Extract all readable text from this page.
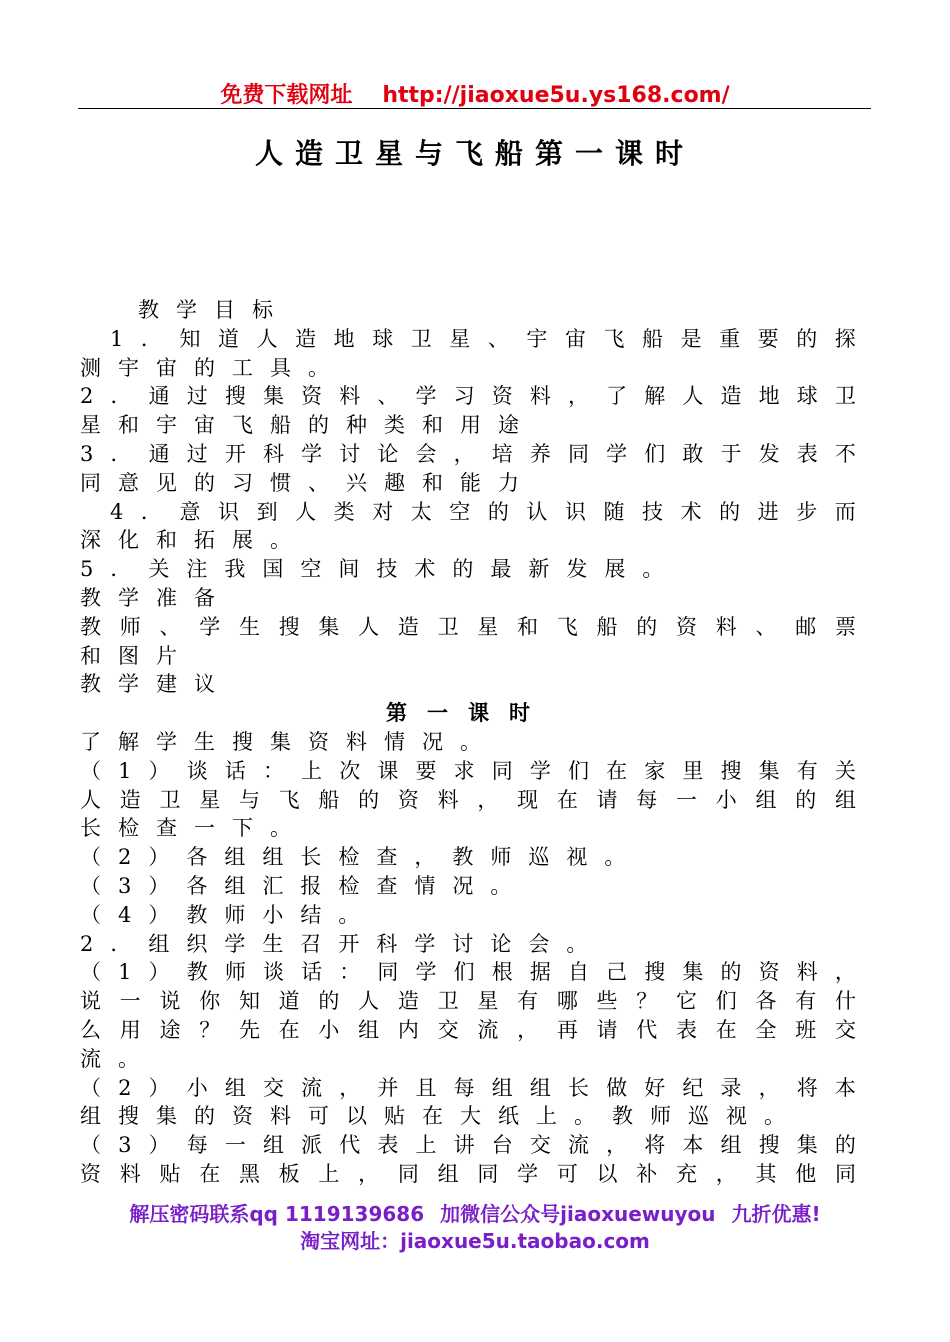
免费下载网址 http://jiaoxue5u.ys168.com/
人造卫星与飞船第一课时
教学目标
1 ． 知 道 人 造 地 球 卫 星 、 宇 宙 飞 船 是 重 要 的 探
测宇宙的工具。
2 ． 通 过 搜 集 资 料 、 学 习 资 料 ， 了 解 人 造 地 球 卫
星和宇宙飞船的种类和用途
3 ． 通 过 开 科 学 讨 论 会 ， 培 养 同 学 们 敢 于 发 表 不
同意见的习惯、兴趣和能力
4 ． 意 识 到 人 类 对 太 空 的 认 识 随 技 术 的 进 步 而
深化和拓展。
5．关注我国空间技术的最新发展。
教学准备
教 师 、 学 生 搜 集 人 造 卫 星 和 飞 船 的 资 料 、 邮 票
和图片
教学建议
第一课时
了解学生搜集资料情况。
（ 1 ） 谈 话 ： 上 次 课 要 求 同 学 们 在 家 里 搜 集 有 关
人 造 卫 星 与 飞 船 的 资 料 ， 现 在 请 每 一 小 组 的 组
长检查一下。
（2）各组组长检查，教师巡视。
（3）各组汇报检查情况。
（4）教师小结。
2．组织学生召开科学讨论会。
（ 1 ） 教 师 谈 话 ： 同 学 们 根 据 自 己 搜 集 的 资 料 ，
说 一 说 你 知 道 的 人 造 卫 星 有 哪 些 ？ 它 们 各 有 什
么 用 途 ？ 先 在 小 组 内 交 流 ， 再 请 代 表 在 全 班 交
流。
（ 2 ） 小 组 交 流 ， 并 且 每 组 组 长 做 好 纪 录 ， 将 本
组搜集的资料可以贴在大纸上。教师巡视。
（ 3 ） 每 一 组 派 代 表 上 讲 台 交 流 ， 将 本 组 搜 集 的
资 料 贴 在 黑 板 上 ， 同 组 同 学 可 以 补 充 ， 其 他 同
解压密码联系qq 1119139686 加微信公众号jiaoxuewuyou 九折优惠!
淘宝网址：jiaoxue5u.taobao.com
